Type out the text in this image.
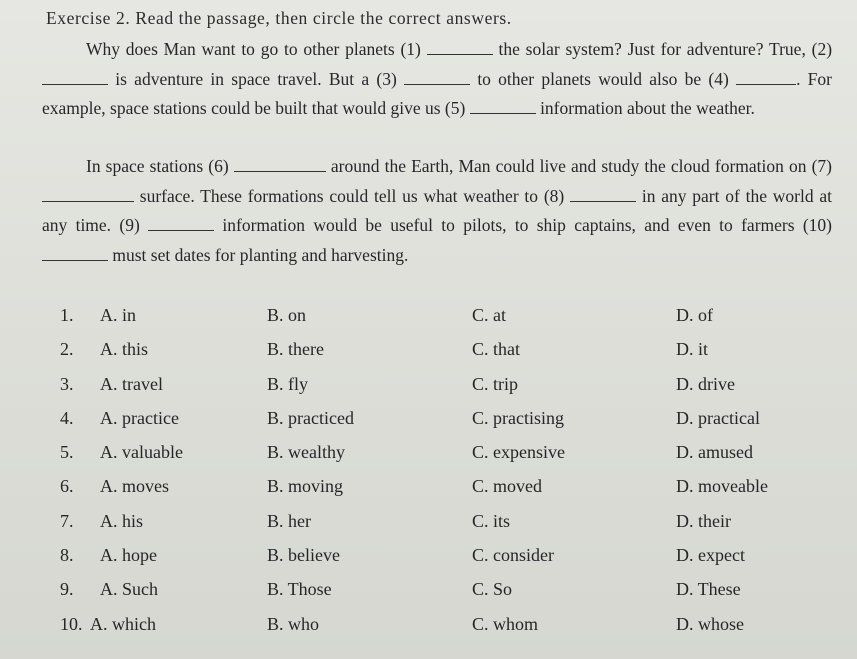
Exercise 2. Read the passage, then circle the correct answers.
Why does Man want to go to other planets (1)	the solar system? Just for adventure? True, (2)  is adventure in space travel. But a (3)	to other planets would also be (4)	. For example, space stations could be built that would give us (5)	information about the weather.
In space stations (6)	around the Earth, Man could live and study the cloud formation on (7)  surface. These formations could tell us what weather to (8)	in any part of the world at any time. (9)	information would be useful to pilots, to ship captains, and even to farmers (10)  must set dates for planting and harvesting.
1. A. in	B. on	C. at	D. of
2. A. this	B. there	C. that	D. it
3. A. travel	B. fly	C. trip	D. drive
4. A. practice	B. practiced	C. practising	D. practical
5. A. valuable	B. wealthy	C. expensive	D. amused
6. A. moves	B. moving	C. moved	D. moveable
7. A. his	B. her	C. its	D. their
8. A. hope	B. believe	C. consider	D. expect
9. A. Such	B. Those	C. So	D. These
10. A. which	B. who	C. whom	D. whose
